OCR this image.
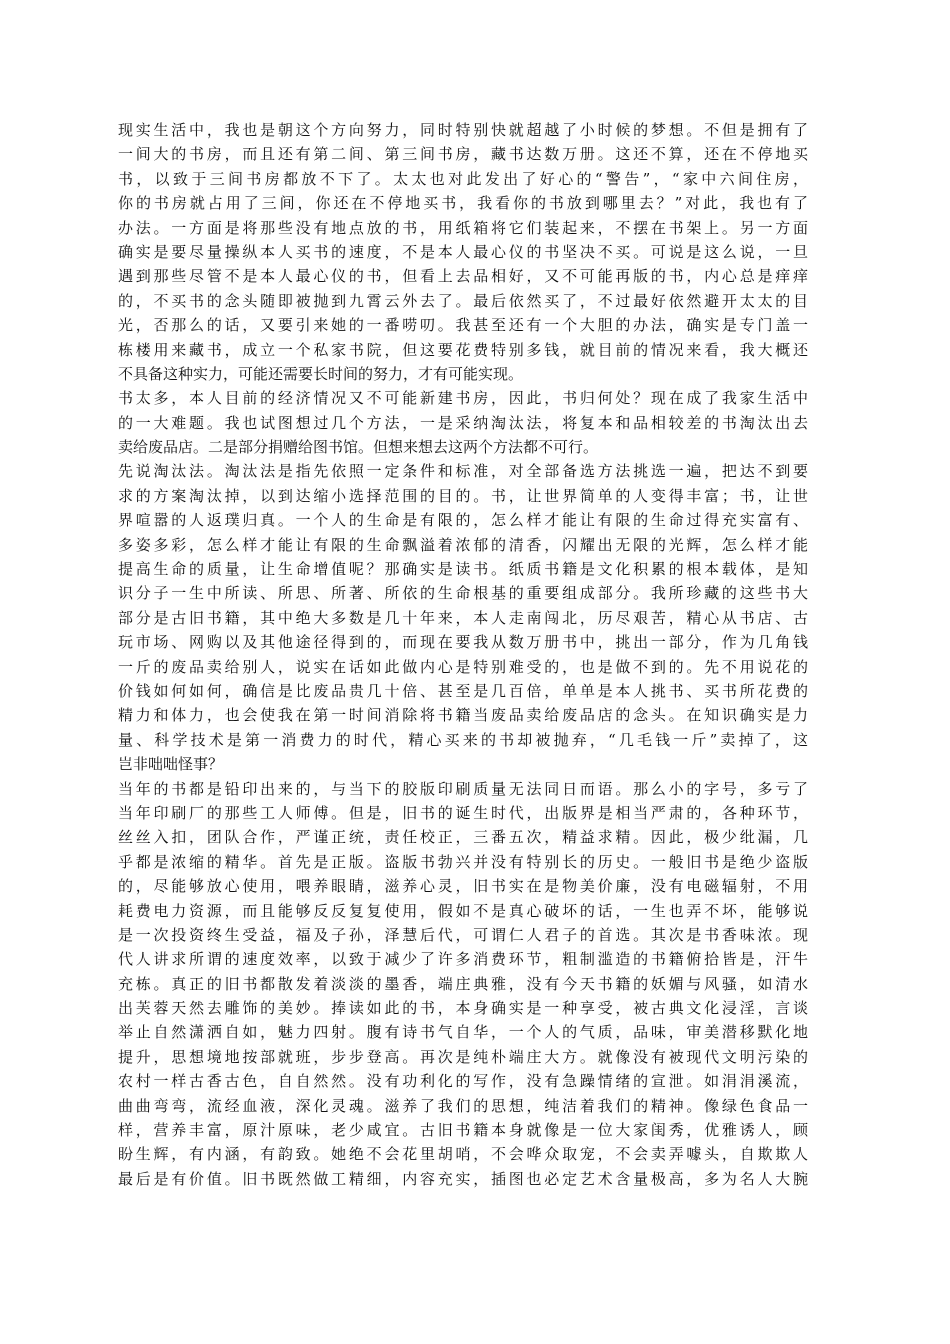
现实生活中，我也是朝这个方向努力，同时特别快就超越了小时候的梦想。不但是拥有了
一间大的书房，而且还有第二间、第三间书房，藏书达数万册。这还不算，还在不停地买
书，以致于三间书房都放不下了。太太也对此发出了好心的“警告”，“家中六间住房，
你的书房就占用了三间，你还在不停地买书，我看你的书放到哪里去？”对此，我也有了
办法。一方面是将那些没有地点放的书，用纸箱将它们装起来，不摆在书架上。另一方面
确实是要尽量操纵本人买书的速度，不是本人最心仪的书坚决不买。可说是这么说，一旦
遇到那些尽管不是本人最心仪的书，但看上去品相好，又不可能再版的书，内心总是痒痒
的，不买书的念头随即被抛到九霄云外去了。最后依然买了，不过最好依然避开太太的目
光，否那么的话，又要引来她的一番唠叨。我甚至还有一个大胆的办法，确实是专门盖一
栋楼用来藏书，成立一个私家书院，但这要花费特别多钱，就目前的情况来看，我大概还
不具备这种实力，可能还需要长时间的努力，才有可能实现。
书太多，本人目前的经济情况又不可能新建书房，因此，书归何处？现在成了我家生活中
的一大难题。我也试图想过几个方法，一是采纳淘汰法，将复本和品相较差的书淘汰出去
卖给废品店。二是部分捐赠给图书馆。但想来想去这两个方法都不可行。
先说淘汰法。淘汰法是指先依照一定条件和标准，对全部备选方法挑选一遍，把达不到要
求的方案淘汰掉，以到达缩小选择范围的目的。书，让世界简单的人变得丰富；书，让世
界喧嚣的人返璞归真。一个人的生命是有限的，怎么样才能让有限的生命过得充实富有、
多姿多彩，怎么样才能让有限的生命飘溢着浓郁的清香，闪耀出无限的光辉，怎么样才能
提高生命的质量，让生命增值呢？那确实是读书。纸质书籍是文化积累的根本载体，是知
识分子一生中所读、所思、所著、所依的生命根基的重要组成部分。我所珍藏的这些书大
部分是古旧书籍，其中绝大多数是几十年来，本人走南闯北，历尽艰苦，精心从书店、古
玩市场、网购以及其他途径得到的，而现在要我从数万册书中，挑出一部分，作为几角钱
一斤的废品卖给别人，说实在话如此做内心是特别难受的，也是做不到的。先不用说花的
价钱如何如何，确信是比废品贵几十倍、甚至是几百倍，单单是本人挑书、买书所花费的
精力和体力，也会使我在第一时间消除将书籍当废品卖给废品店的念头。在知识确实是力
量、科学技术是第一消费力的时代，精心买来的书却被抛弃，“几毛钱一斤”卖掉了，这
岂非咄咄怪事？
当年的书都是铅印出来的，与当下的胶版印刷质量无法同日而语。那么小的字号，多亏了
当年印刷厂的那些工人师傅。但是，旧书的诞生时代，出版界是相当严肃的，各种环节，
丝丝入扣，团队合作，严谨正统，责任校正，三番五次，精益求精。因此，极少纰漏，几
乎都是浓缩的精华。首先是正版。盗版书勃兴并没有特别长的历史。一般旧书是绝少盗版
的，尽能够放心使用，喂养眼睛，滋养心灵，旧书实在是物美价廉，没有电磁辐射，不用
耗费电力资源，而且能够反反复复使用，假如不是真心破坏的话，一生也弄不坏，能够说
是一次投资终生受益，福及子孙，泽慧后代，可谓仁人君子的首选。其次是书香味浓。现
代人讲求所谓的速度效率，以致于减少了许多消费环节，粗制滥造的书籍俯拾皆是，汗牛
充栋。真正的旧书都散发着淡淡的墨香，端庄典雅，没有今天书籍的妖媚与风骚，如清水
出芙蓉天然去雕饰的美妙。捧读如此的书，本身确实是一种享受，被古典文化浸淫，言谈
举止自然潇洒自如，魅力四射。腹有诗书气自华，一个人的气质，品味，审美潜移默化地
提升，思想境地按部就班，步步登高。再次是纯朴端庄大方。就像没有被现代文明污染的
农村一样古香古色，自自然然。没有功利化的写作，没有急躁情绪的宣泄。如涓涓溪流，
曲曲弯弯，流经血液，深化灵魂。滋养了我们的思想，纯洁着我们的精神。像绿色食品一
样，营养丰富，原汁原味，老少咸宜。古旧书籍本身就像是一位大家闺秀，优雅诱人，顾
盼生辉，有内涵，有韵致。她绝不会花里胡哨，不会哗众取宠，不会卖弄噱头，自欺欺人
最后是有价值。旧书既然做工精细，内容充实，插图也必定艺术含量极高，多为名人大腕
